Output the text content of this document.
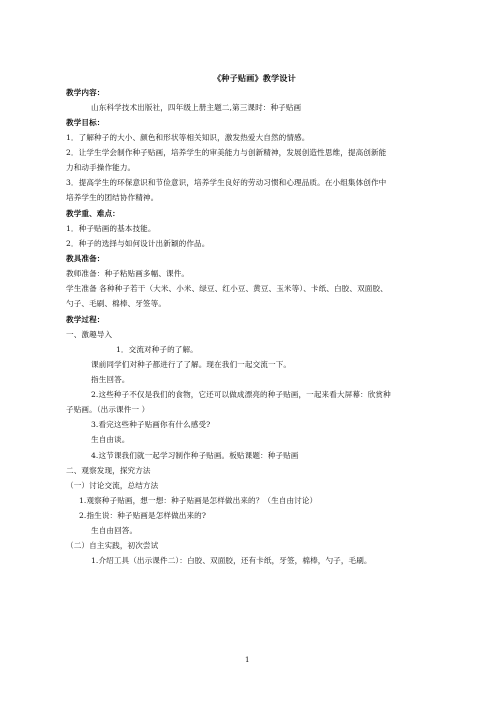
《种子贴画》教学设计
教学内容：
山东科学技术出版社，四年级上册主题二,第三课时：种子贴画
教学目标：
1．了解种子的大小、颜色和形状等相关知识，激发热爱大自然的情感。
2．让学生学会制作种子贴画，培养学生的审美能力与创新精神，发展创造性思维，提高创新能
力和动手操作能力。
3．提高学生的环保意识和节俭意识，培养学生良好的劳动习惯和心理品质。在小组集体创作中
培养学生的团结协作精神。
教学重、难点：
1．种子贴画的基本技能。
2．种子的选择与如何设计出新颖的作品。
教具准备：
教师准备：种子粘贴画多幅、课件。
学生准备 各种种子若干（大米、小米、绿豆、红小豆、黄豆、玉米等）、卡纸、白胶、双面胶、
勺子、毛刷、棉棒、牙签等。
教学过程：
一、激趣导入
1．交流对种子的了解。
课前同学们对种子都进行了了解。现在我们一起交流一下。
指生回答。
2.这些种子不仅是我们的食物，它还可以做成漂亮的种子贴画，一起来看大屏幕：欣赏种
子贴画。（出示课件一 ）
3.看完这些种子贴画你有什么感受?
生自由谈。
4.这节课我们就一起学习制作种子贴画。板贴课题：种子贴画
二、观察发现，探究方法
（一）讨论交流，总结方法
1.观察种子贴画，想一想：种子贴画是怎样做出来的？（生自由讨论）
2.指生说：种子贴画是怎样做出来的?
生自由回答。
（二）自主实践，初次尝试
1.介绍工具（出示课件二）：白胶、双面胶，还有卡纸，牙签，棉棒，勺子，毛刷。
1
